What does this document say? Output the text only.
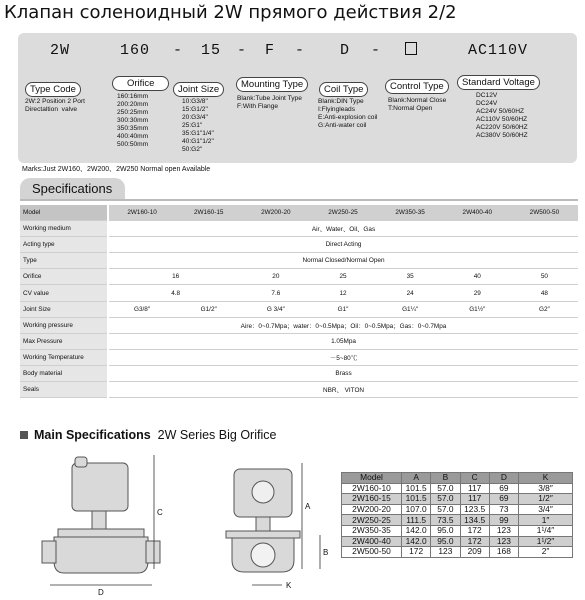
Клапан соленоидный 2W прямого действия 2/2
2W	160 - 15 - F - D -	AC110V
Type Code
2W:2 Position 2 Port
Directaltion  valve
Orifice
160:16mm
200:20mm
250:25mm
300:30mm
350:35mm
400:40mm
500:50mm
Joint Size
10:G3/8"
15:G1/2"
20:G3/4"
25:G1"
35:G1"1/4"
40:G1"1/2"
50:G2"
Mounting Type
Blank:Tube Joint Type
F:With Flange
Coil Type
Blank:DIN Type
I:Flyingleads
E:Anti-explosion coil
G:Anti-water coil
Control Type
Blank:Normal Close
T:Normal Open
Standard Voltage
DC12V
DC24V
AC24V 50/60HZ
AC110V 50/60HZ
AC220V 50/60HZ
AC380V 50/60HZ
Marks:Just 2W160、2W200、2W250 Normal open Available
Specifications
Model	2W160-10	2W160-15	2W200-20	2W250-25	2W350-35	2W400-40	2W500-50
Working medium	Air、Water、Oil、Gas						
Acting type	Direct Acting						
Type	Normal Closed/Normal Open						
Orifice	16		20	25	35	40	50
CV value	4.8		7.6	12	24	29	48
Joint Size	G3/8″	G1/2″	G 3/4″	G1″	G1¼″	G1½″	G2″
Working pressure	Aire：0~0.7Mpa；water：0~0.5Mpa；Oil：0~0.5Mpa；Gas：0~0.7Mpa						
Max Pressure	1.05Mpa						
Working Temperature	－5~80℃						
Body material	Brass						
Seals	NBR、 VITON						
Main Specifications 2W Series Big Orifice
C
D
A
B
K
Model	A	B	C	D	K
2W160-10	101.5	57.0	117	69	3/8″
2W160-15	101.5	57.0	117	69	1/2″
2W200-20	107.0	57.0	123.5	73	3/4″
2W250-25	111.5	73.5	134.5	99	1″
2W350-35	142.0	95.0	172	123	1¹/4″
2W400-40	142.0	95.0	172	123	1¹/2″
2W500-50	172	123	209	168	2″
